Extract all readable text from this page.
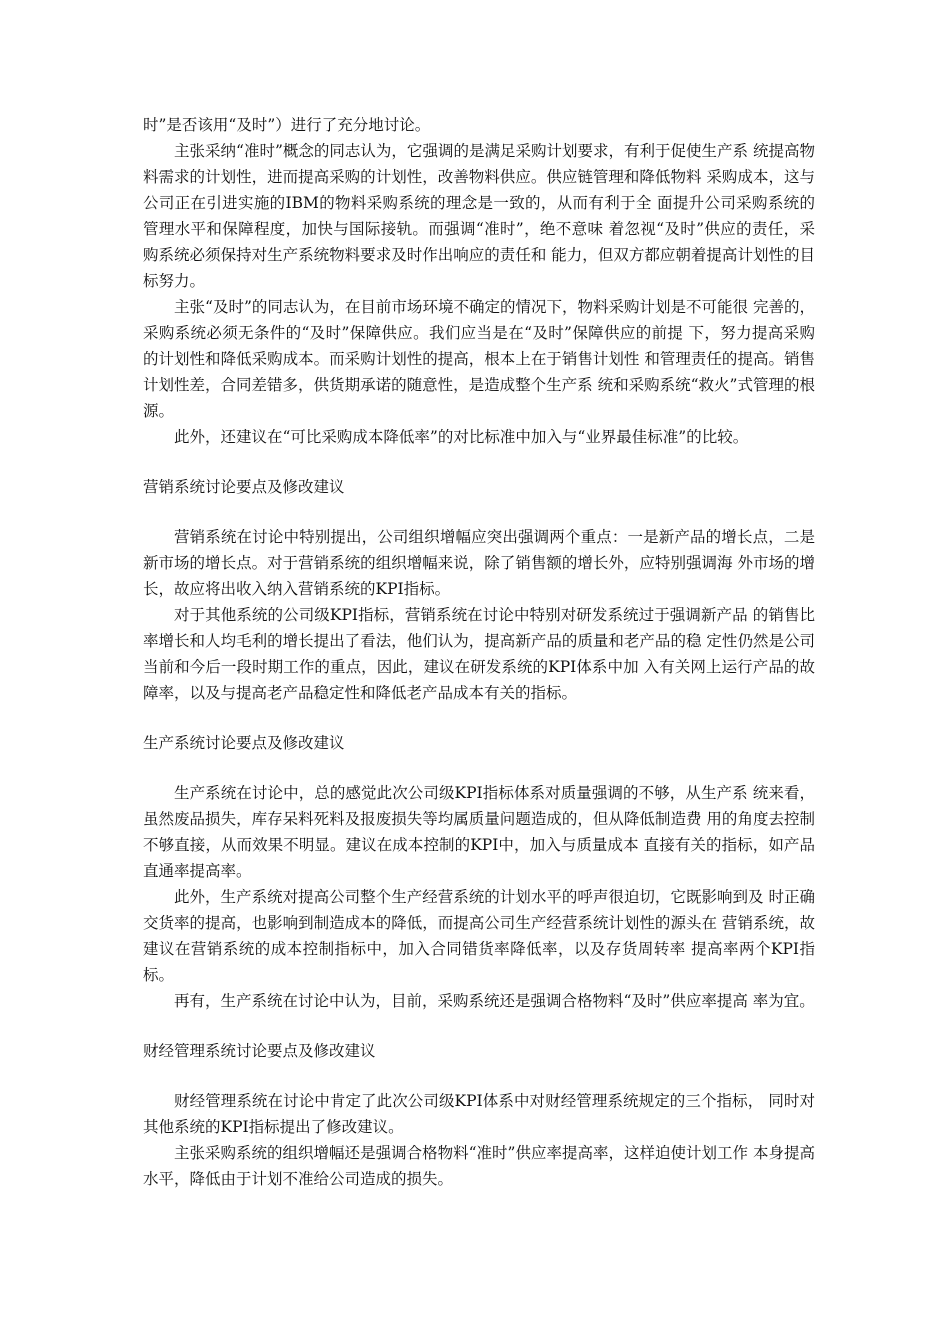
时”是否该用“及时”）进行了充分地讨论。

主张采纳“准时”概念的同志认为，它强调的是满足采购计划要求，有利于促使生产系 统提高物料需求的计划性，进而提高采购的计划性，改善物料供应。供应链管理和降低物料 采购成本，这与公司正在引进实施的IBM的物料采购系统的理念是一致的，从而有利于全 面提升公司采购系统的管理水平和保障程度，加快与国际接轨。而强调“准时”，绝不意味 着忽视“及时”供应的责任，采购系统必须保持对生产系统物料要求及时作出响应的责任和 能力，但双方都应朝着提高计划性的目标努力。

主张“及时”的同志认为，在目前市场环境不确定的情况下，物料采购计划是不可能很 完善的，采购系统必须无条件的“及时”保障供应。我们应当是在“及时”保障供应的前提 下，努力提高采购的计划性和降低采购成本。而采购计划性的提高，根本上在于销售计划性 和管理责任的提高。销售计划性差，合同差错多，供货期承诺的随意性，是造成整个生产系 统和采购系统“救火”式管理的根源。

此外，还建议在“可比采购成本降低率”的对比标准中加入与“业界最佳标准”的比较。

营销系统讨论要点及修改建议

营销系统在讨论中特别提出，公司组织增幅应突出强调两个重点：一是新产品的增长点，二是新市场的增长点。对于营销系统的组织增幅来说，除了销售额的增长外，应特别强调海 外市场的增长，故应将出收入纳入营销系统的KPI指标。

对于其他系统的公司级KPI指标，营销系统在讨论中特别对研发系统过于强调新产品 的销售比率增长和人均毛利的增长提出了看法，他们认为，提高新产品的质量和老产品的稳 定性仍然是公司当前和今后一段时期工作的重点，因此，建议在研发系统的KPI体系中加 入有关网上运行产品的故障率，以及与提高老产品稳定性和降低老产品成本有关的指标。

生产系统讨论要点及修改建议

生产系统在讨论中，总的感觉此次公司级KPI指标体系对质量强调的不够，从生产系 统来看，虽然废品损失，库存呆料死料及报废损失等均属质量问题造成的，但从降低制造费 用的角度去控制不够直接，从而效果不明显。建议在成本控制的KPI中，加入与质量成本 直接有关的指标，如产品直通率提高率。

此外，生产系统对提高公司整个生产经营系统的计划水平的呼声很迫切，它既影响到及 时正确交货率的提高，也影响到制造成本的降低，而提高公司生产经营系统计划性的源头在 营销系统，故建议在营销系统的成本控制指标中，加入合同错货率降低率，以及存货周转率 提高率两个KPI指标。

再有，生产系统在讨论中认为，目前，采购系统还是强调合格物料“及时”供应率提高 率为宜。

财经管理系统讨论要点及修改建议

财经管理系统在讨论中肯定了此次公司级KPI体系中对财经管理系统规定的三个指标， 同时对其他系统的KPI指标提出了修改建议。

主张采购系统的组织增幅还是强调合格物料“准时”供应率提高率，这样迫使计划工作 本身提高水平，降低由于计划不准给公司造成的损失。
